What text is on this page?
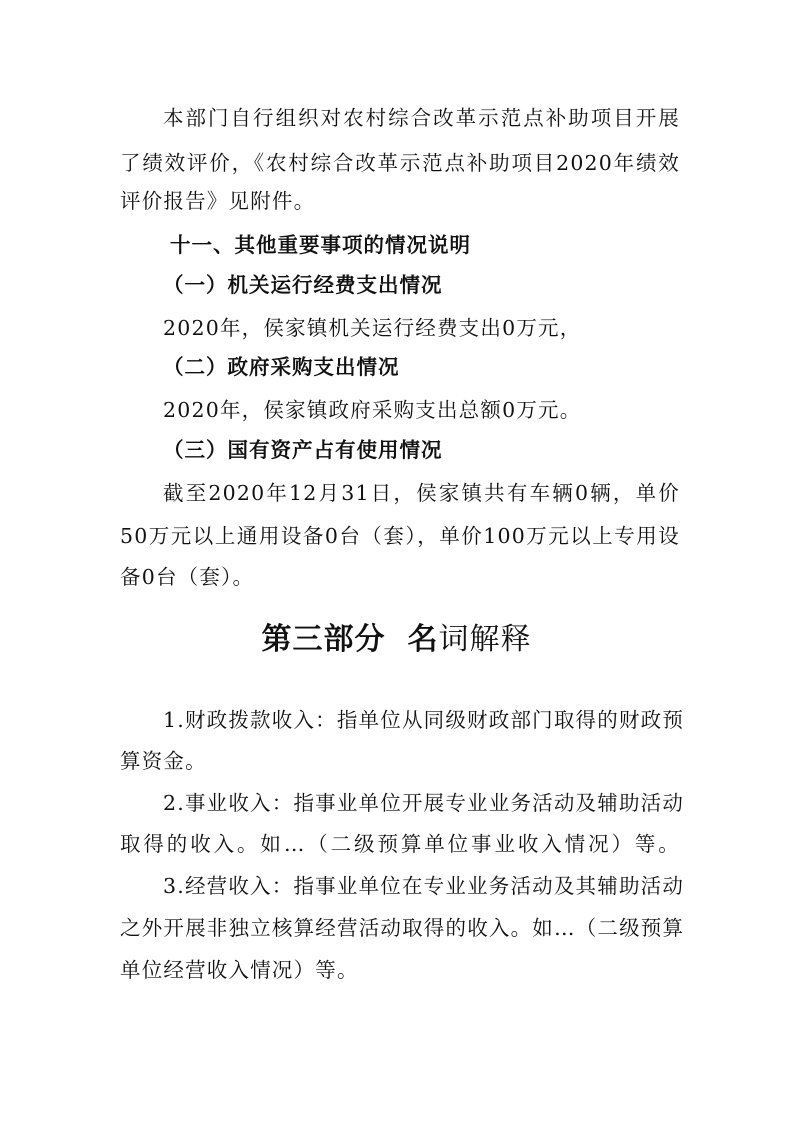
本部门自行组织对农村综合改革示范点补助项目开展
了绩效评价，《农村综合改革示范点补助项目2020年绩效
评价报告》见附件。
十一、其他重要事项的情况说明
（一）机关运行经费支出情况
2020年，侯家镇机关运行经费支出0万元，
（二）政府采购支出情况
2020年，侯家镇政府采购支出总额0万元。
（三）国有资产占有使用情况
截至2020年12月31日，侯家镇共有车辆0辆，单价
50万元以上通用设备0台（套），单价100万元以上专用设
备0台（套）。
第三部分 名词解释
1.财政拨款收入：指单位从同级财政部门取得的财政预
算资金。
2.事业收入：指事业单位开展专业业务活动及辅助活动
取得的收入。如…（二级预算单位事业收入情况）等。
3.经营收入：指事业单位在专业业务活动及其辅助活动
之外开展非独立核算经营活动取得的收入。如…（二级预算
单位经营收入情况）等。
